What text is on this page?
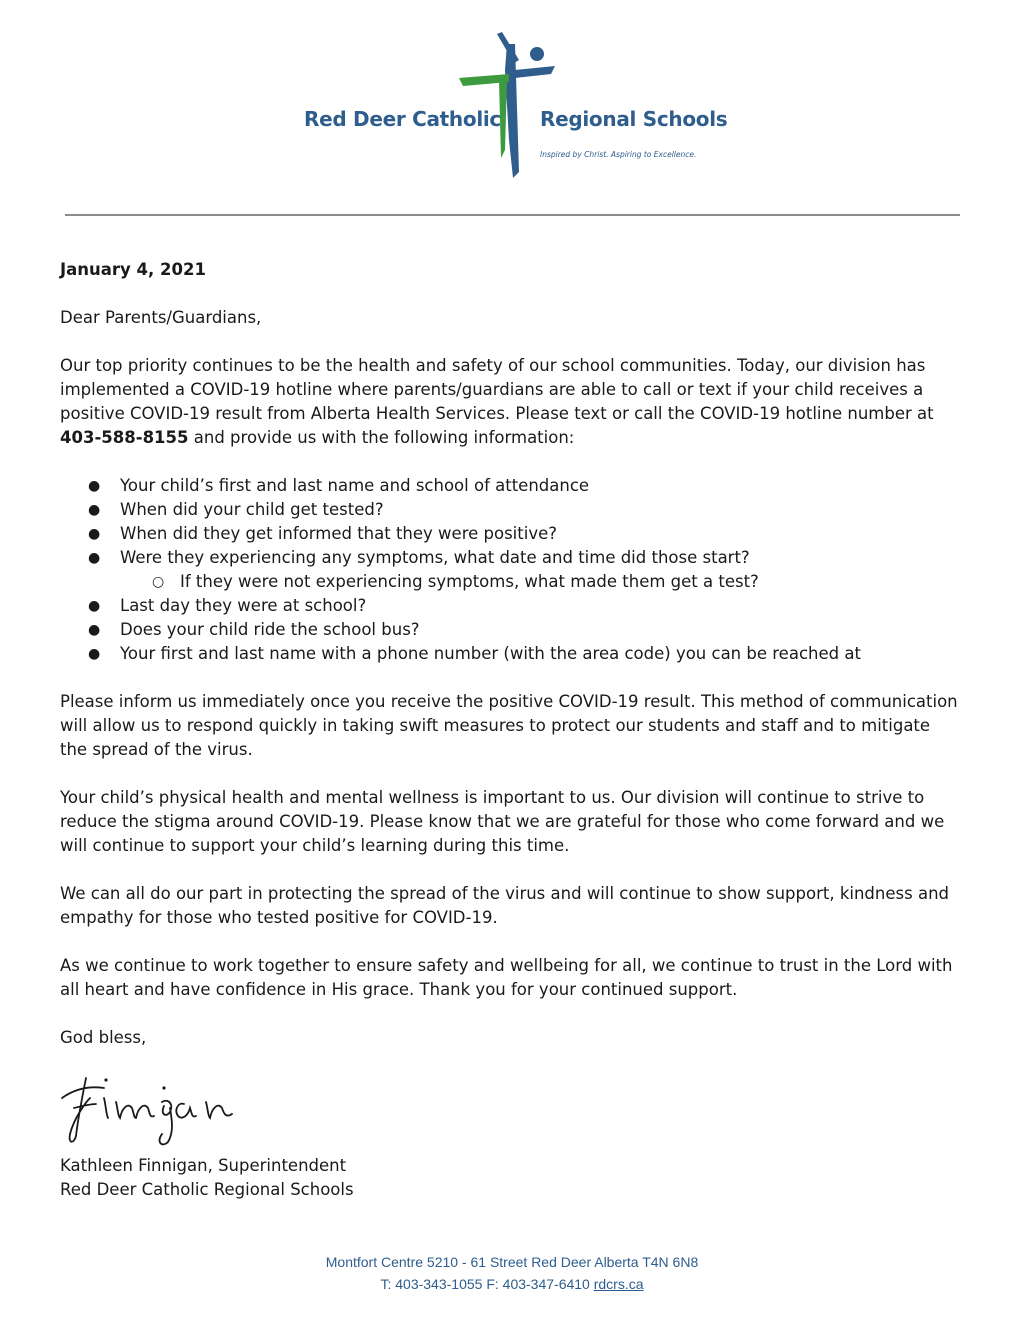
Red Deer Catholic Regional Schools
Inspired by Christ. Aspiring to Excellence.

January 4, 2021

Dear Parents/Guardians,

Our top priority continues to be the health and safety of our school communities. Today, our division has implemented a COVID-19 hotline where parents/guardians are able to call or text if your child receives a positive COVID-19 result from Alberta Health Services. Please text or call the COVID-19 hotline number at 403-588-8155 and provide us with the following information:

● Your child’s first and last name and school of attendance
● When did your child get tested?
● When did they get informed that they were positive?
● Were they experiencing any symptoms, what date and time did those start?
○ If they were not experiencing symptoms, what made them get a test?
● Last day they were at school?
● Does your child ride the school bus?
● Your first and last name with a phone number (with the area code) you can be reached at

Please inform us immediately once you receive the positive COVID-19 result. This method of communication will allow us to respond quickly in taking swift measures to protect our students and staff and to mitigate the spread of the virus.

Your child’s physical health and mental wellness is important to us. Our division will continue to strive to reduce the stigma around COVID-19. Please know that we are grateful for those who come forward and we will continue to support your child’s learning during this time.

We can all do our part in protecting the spread of the virus and will continue to show support, kindness and empathy for those who tested positive for COVID-19.

As we continue to work together to ensure safety and wellbeing for all, we continue to trust in the Lord with all heart and have confidence in His grace. Thank you for your continued support.

God bless,
Kathleen Finnigan, Superintendent
Red Deer Catholic Regional Schools
Montfort Centre 5210 - 61 Street Red Deer Alberta T4N 6N8
T: 403-343-1055 F: 403-347-6410 rdcrs.ca
